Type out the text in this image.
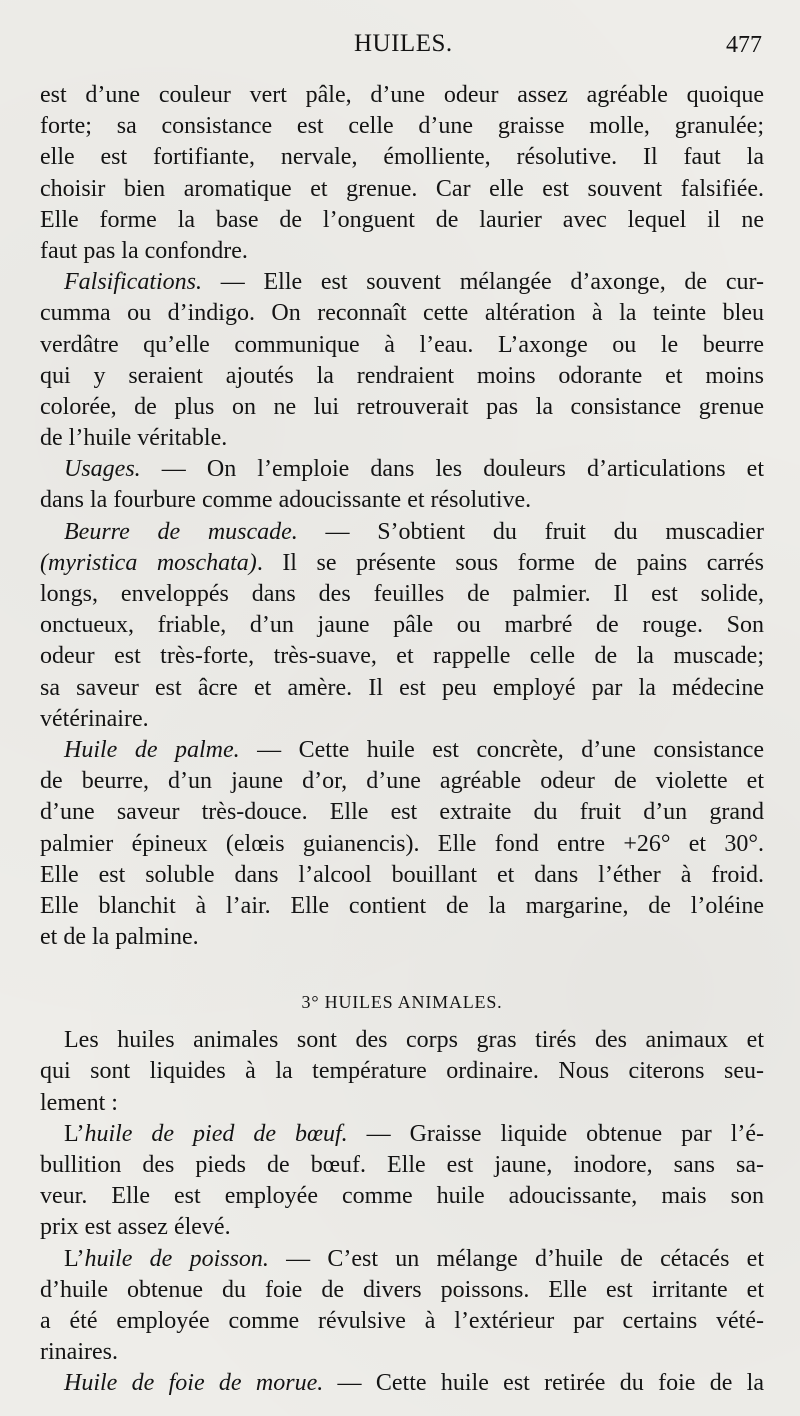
HUILES.	477
est d’une couleur vert pâle, d’une odeur assez agréable quoique
forte; sa consistance est celle d’une graisse molle, granulée;
elle est fortifiante, nervale, émolliente, résolutive. Il faut la
choisir bien aromatique et grenue. Car elle est souvent falsifiée.
Elle forme la base de l’onguent de laurier avec lequel il ne
faut pas la confondre.
Falsifications. — Elle est souvent mélangée d’axonge, de cur-
cumma ou d’indigo. On reconnaît cette altération à la teinte bleu
verdâtre qu’elle communique à l’eau. L’axonge ou le beurre
qui y seraient ajoutés la rendraient moins odorante et moins
colorée, de plus on ne lui retrouverait pas la consistance grenue
de l’huile véritable.
Usages. — On l’emploie dans les douleurs d’articulations et
dans la fourbure comme adoucissante et résolutive.
Beurre de muscade. — S’obtient du fruit du muscadier
(myristica moschata). Il se présente sous forme de pains carrés
longs, enveloppés dans des feuilles de palmier. Il est solide,
onctueux, friable, d’un jaune pâle ou marbré de rouge. Son
odeur est très-forte, très-suave, et rappelle celle de la muscade;
sa saveur est âcre et amère. Il est peu employé par la médecine
vétérinaire.
Huile de palme. — Cette huile est concrète, d’une consistance
de beurre, d’un jaune d’or, d’une agréable odeur de violette et
d’une saveur très-douce. Elle est extraite du fruit d’un grand
palmier épineux (elœis guianencis). Elle fond entre +26° et 30°.
Elle est soluble dans l’alcool bouillant et dans l’éther à froid.
Elle blanchit à l’air. Elle contient de la margarine, de l’oléine
et de la palmine.
3° HUILES ANIMALES.
Les huiles animales sont des corps gras tirés des animaux et
qui sont liquides à la température ordinaire. Nous citerons seu-
lement :
L’huile de pied de bœuf. — Graisse liquide obtenue par l’é-
bullition des pieds de bœuf. Elle est jaune, inodore, sans sa-
veur. Elle est employée comme huile adoucissante, mais son
prix est assez élevé.
L’huile de poisson. — C’est un mélange d’huile de cétacés et
d’huile obtenue du foie de divers poissons. Elle est irritante et
a été employée comme révulsive à l’extérieur par certains vété-
rinaires.
Huile de foie de morue. — Cette huile est retirée du foie de la
